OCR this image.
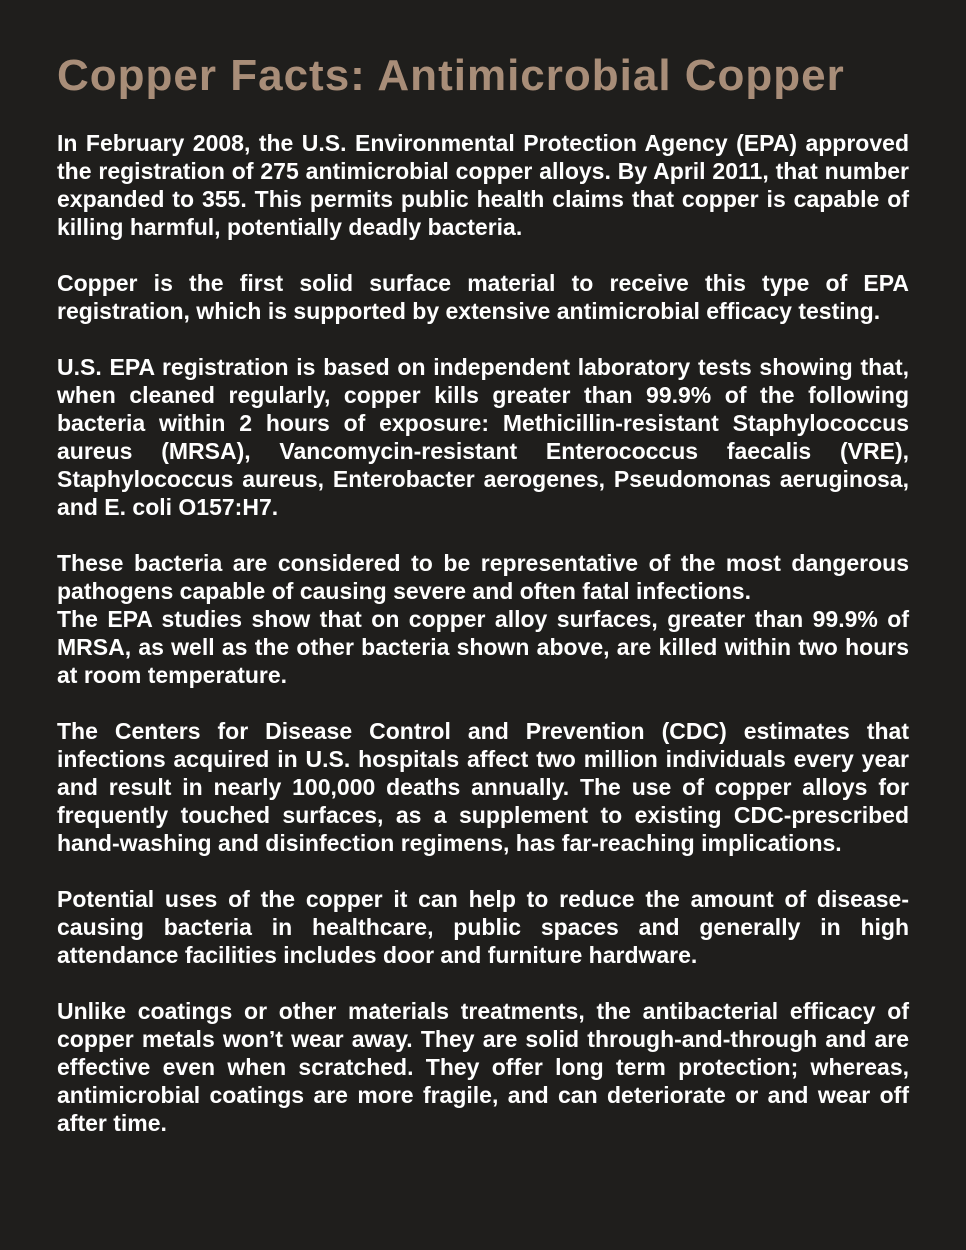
Copper Facts: Antimicrobial Copper

In February 2008, the U.S. Environmental Protection Agency (EPA) approved the registration of 275 antimicrobial copper alloys. By April 2011, that number expanded to 355. This permits public health claims that copper is capable of killing harmful, potentially deadly bacteria.

Copper is the first solid surface material to receive this type of EPA registration, which is supported by extensive antimicrobial efficacy testing.

U.S. EPA registration is based on independent laboratory tests showing that, when cleaned regularly, copper kills greater than 99.9% of the following bacteria within 2 hours of exposure: Methicillin-resistant Staphylococcus aureus (MRSA), Vancomycin-resistant Enterococcus faecalis (VRE), Staphylococcus aureus, Enterobacter aerogenes, Pseudomonas aeruginosa, and E. coli O157:H7.

These bacteria are considered to be representative of the most dangerous pathogens capable of causing severe and often fatal infections.

The EPA studies show that on copper alloy surfaces, greater than 99.9% of MRSA, as well as the other bacteria shown above, are killed within two hours at room temperature.

The Centers for Disease Control and Prevention (CDC) estimates that infections acquired in U.S. hospitals affect two million individuals every year and result in nearly 100,000 deaths annually. The use of copper alloys for frequently touched surfaces, as a supplement to existing CDC-prescribed hand-washing and disinfection regimens, has far-reaching implications.

Potential uses of the copper it can help to reduce the amount of disease-causing bacteria in healthcare, public spaces and generally in high attendance facilities includes door and furniture hardware.

Unlike coatings or other materials treatments, the antibacterial efficacy of copper metals won’t wear away. They are solid through-and-through and are effective even when scratched. They offer long term protection; whereas, antimicrobial coatings are more fragile, and can deteriorate or and wear off after time.
